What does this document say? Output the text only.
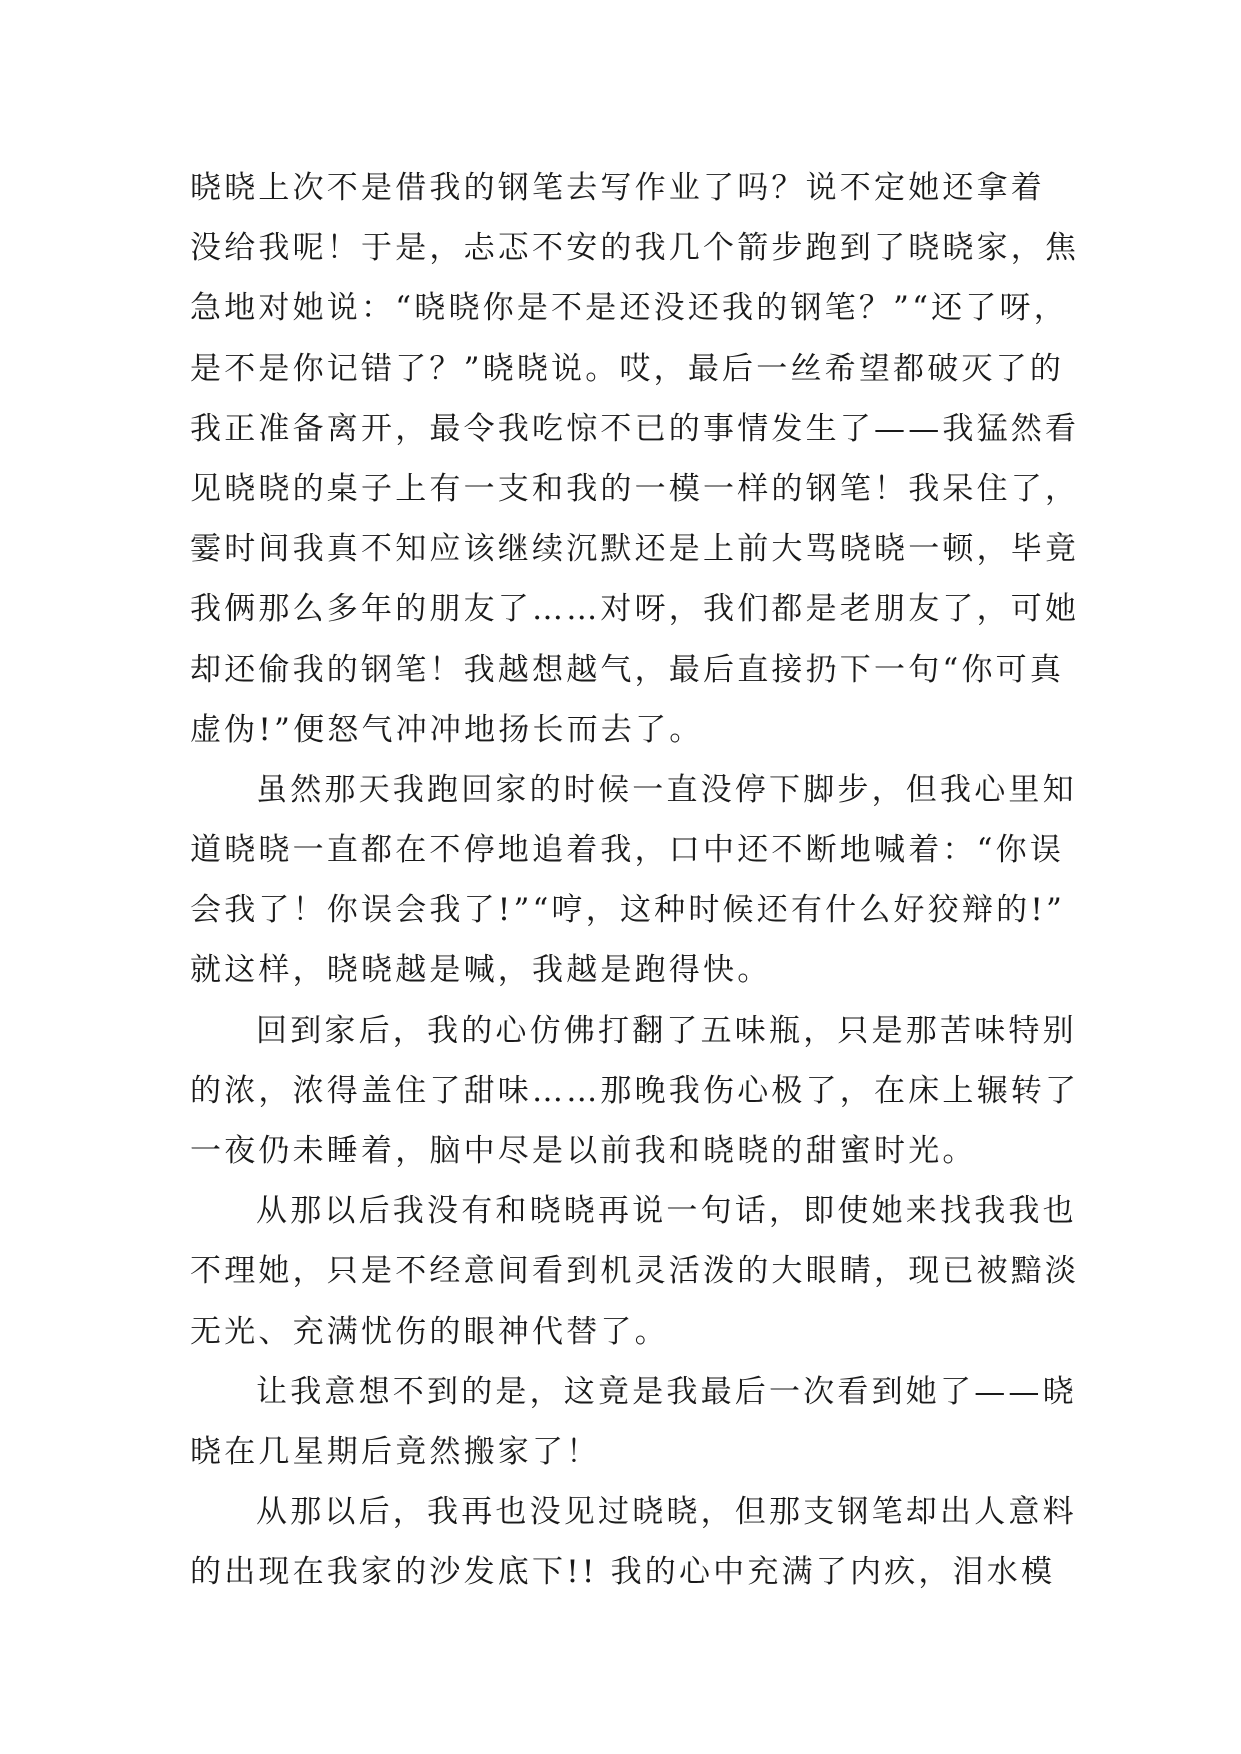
晓晓上次不是借我的钢笔去写作业了吗？说不定她还拿着
没给我呢！于是，忐忑不安的我几个箭步跑到了晓晓家，焦
急地对她说：“晓晓你是不是还没还我的钢笔？”“还了呀，
是不是你记错了？”晓晓说。哎，最后一丝希望都破灭了的
我正准备离开，最令我吃惊不已的事情发生了——我猛然看
见晓晓的桌子上有一支和我的一模一样的钢笔！我呆住了，
霎时间我真不知应该继续沉默还是上前大骂晓晓一顿，毕竟
我俩那么多年的朋友了……对呀，我们都是老朋友了，可她
却还偷我的钢笔！我越想越气，最后直接扔下一句“你可真
虚伪!”便怒气冲冲地扬长而去了。
虽然那天我跑回家的时候一直没停下脚步，但我心里知
道晓晓一直都在不停地追着我，口中还不断地喊着：“你误
会我了！你误会我了!”“哼，这种时候还有什么好狡辩的!”
就这样，晓晓越是喊，我越是跑得快。
回到家后，我的心仿佛打翻了五味瓶，只是那苦味特别
的浓，浓得盖住了甜味……那晚我伤心极了，在床上辗转了
一夜仍未睡着，脑中尽是以前我和晓晓的甜蜜时光。
从那以后我没有和晓晓再说一句话，即使她来找我我也
不理她，只是不经意间看到机灵活泼的大眼睛，现已被黯淡
无光、充满忧伤的眼神代替了。
让我意想不到的是，这竟是我最后一次看到她了——晓
晓在几星期后竟然搬家了！
从那以后，我再也没见过晓晓，但那支钢笔却出人意料
的出现在我家的沙发底下!! 我的心中充满了内疚，泪水模
